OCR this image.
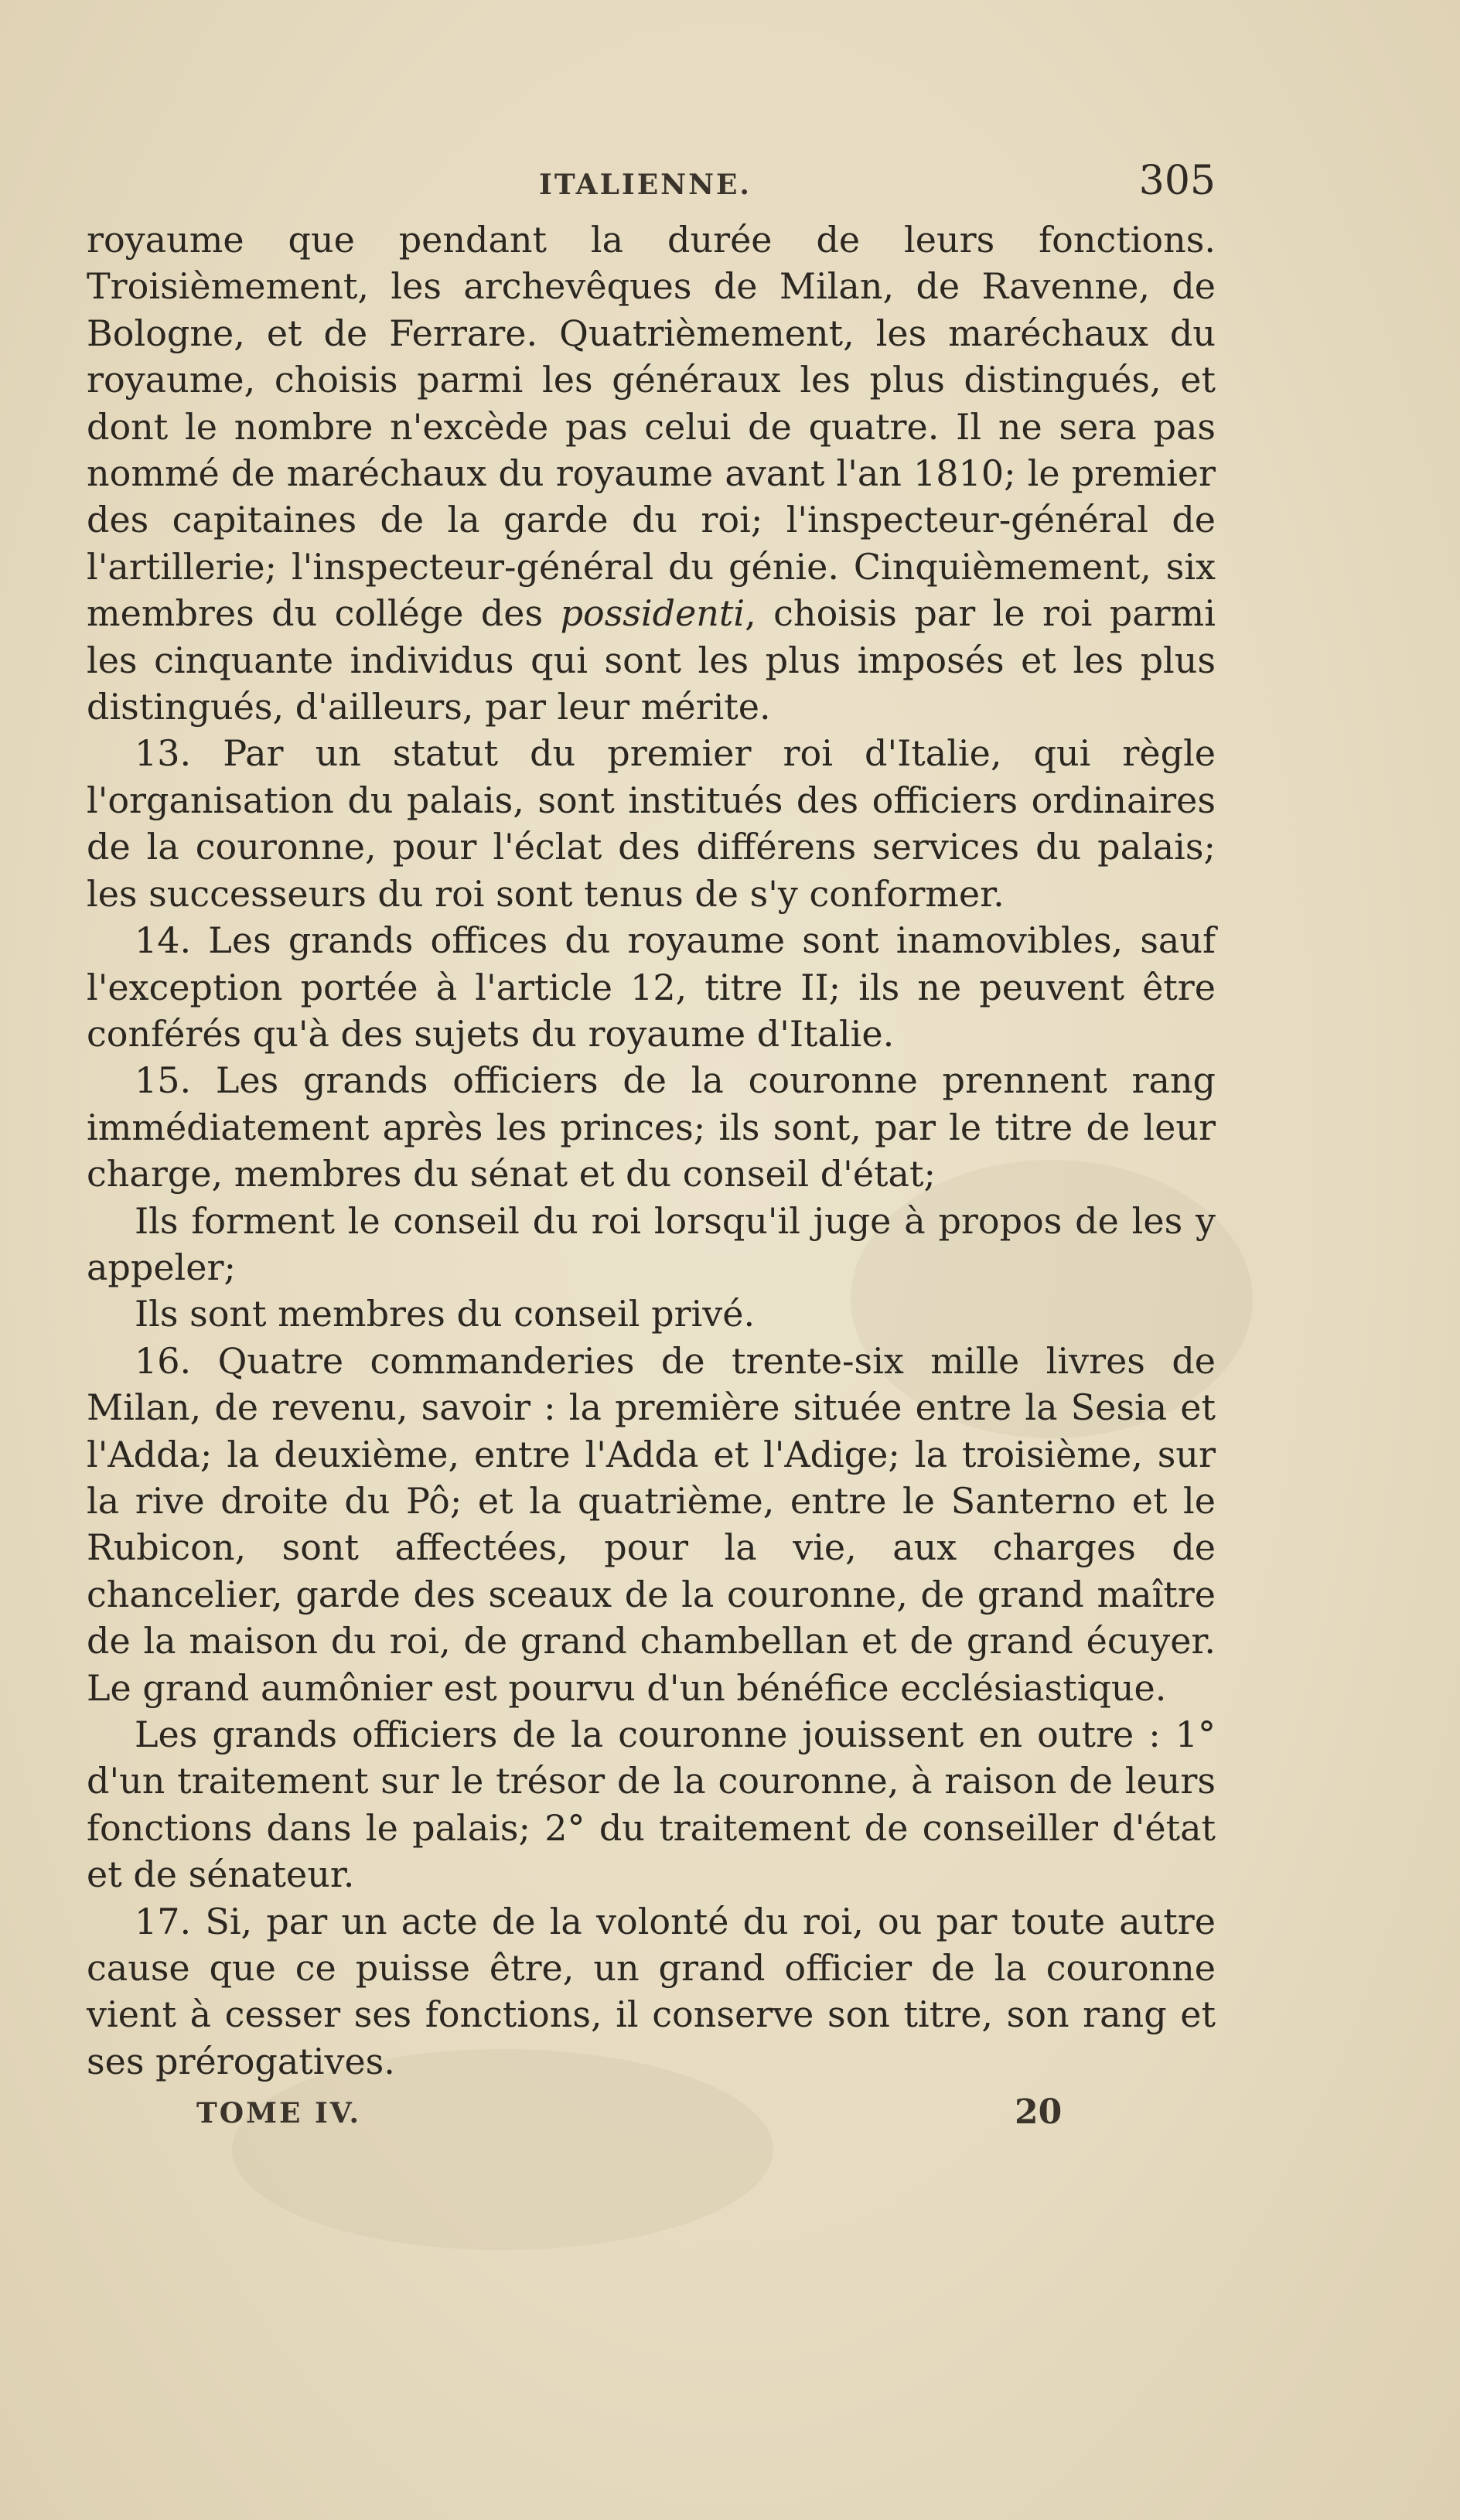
ITALIENNE.	305

royaume que pendant la durée de leurs fonctions. Troisièmement, les archevêques de Milan, de Ravenne, de Bologne, et de Ferrare. Quatrièmement, les maréchaux du royaume, choisis parmi les généraux les plus distingués, et dont le nombre n'excède pas celui de quatre. Il ne sera pas nommé de maréchaux du royaume avant l'an 1810; le premier des capitaines de la garde du roi; l'inspecteur-général de l'artillerie; l'inspecteur-général du génie. Cinquièmement, six membres du collége des possidenti, choisis par le roi parmi les cinquante individus qui sont les plus imposés et les plus distingués, d'ailleurs, par leur mérite.

13. Par un statut du premier roi d'Italie, qui règle l'organisation du palais, sont institués des officiers ordinaires de la couronne, pour l'éclat des différens services du palais; les successeurs du roi sont tenus de s'y conformer.

14. Les grands offices du royaume sont inamovibles, sauf l'exception portée à l'article 12, titre II; ils ne peuvent être conférés qu'à des sujets du royaume d'Italie.

15. Les grands officiers de la couronne prennent rang immédiatement après les princes; ils sont, par le titre de leur charge, membres du sénat et du conseil d'état;

Ils forment le conseil du roi lorsqu'il juge à propos de les y appeler;

Ils sont membres du conseil privé.

16. Quatre commanderies de trente-six mille livres de Milan, de revenu, savoir : la première située entre la Sesia et l'Adda; la deuxième, entre l'Adda et l'Adige; la troisième, sur la rive droite du Pô; et la quatrième, entre le Santerno et le Rubicon, sont affectées, pour la vie, aux charges de chancelier, garde des sceaux de la couronne, de grand maître de la maison du roi, de grand chambellan et de grand écuyer. Le grand aumônier est pourvu d'un bénéfice ecclésiastique.

Les grands officiers de la couronne jouissent en outre : 1° d'un traitement sur le trésor de la couronne, à raison de leurs fonctions dans le palais; 2° du traitement de conseiller d'état et de sénateur.

17. Si, par un acte de la volonté du roi, ou par toute autre cause que ce puisse être, un grand officier de la couronne vient à cesser ses fonctions, il conserve son titre, son rang et ses prérogatives.

TOME IV.	20
